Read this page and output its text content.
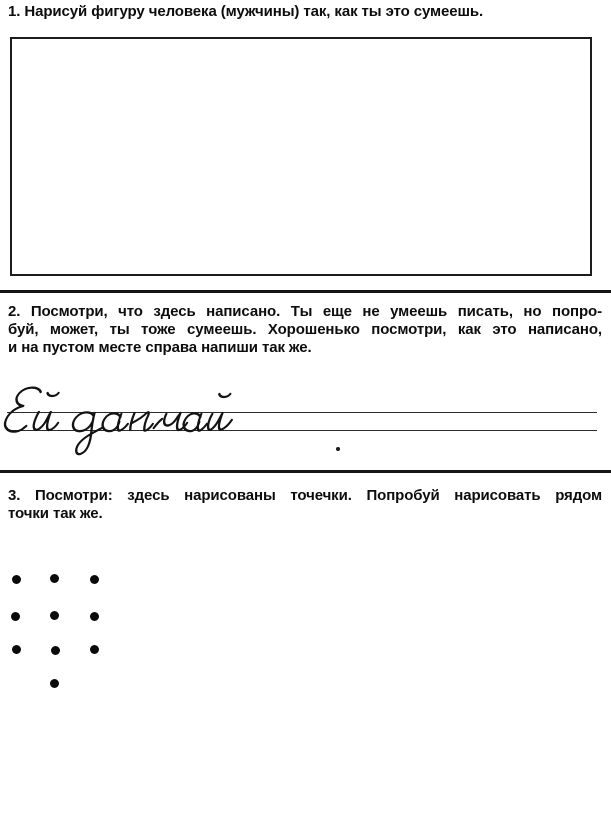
1. Нарисуй фигуру человека (мужчины) так, как ты это сумеешь.
2. Посмотри, что здесь написано. Ты еще не умеешь писать, но попро-
буй, может, ты тоже сумеешь. Хорошенько посмотри, как это написано,
и на пустом месте справа напиши так же.
3. Посмотри: здесь нарисованы точечки. Попробуй нарисовать рядом
точки так же.
